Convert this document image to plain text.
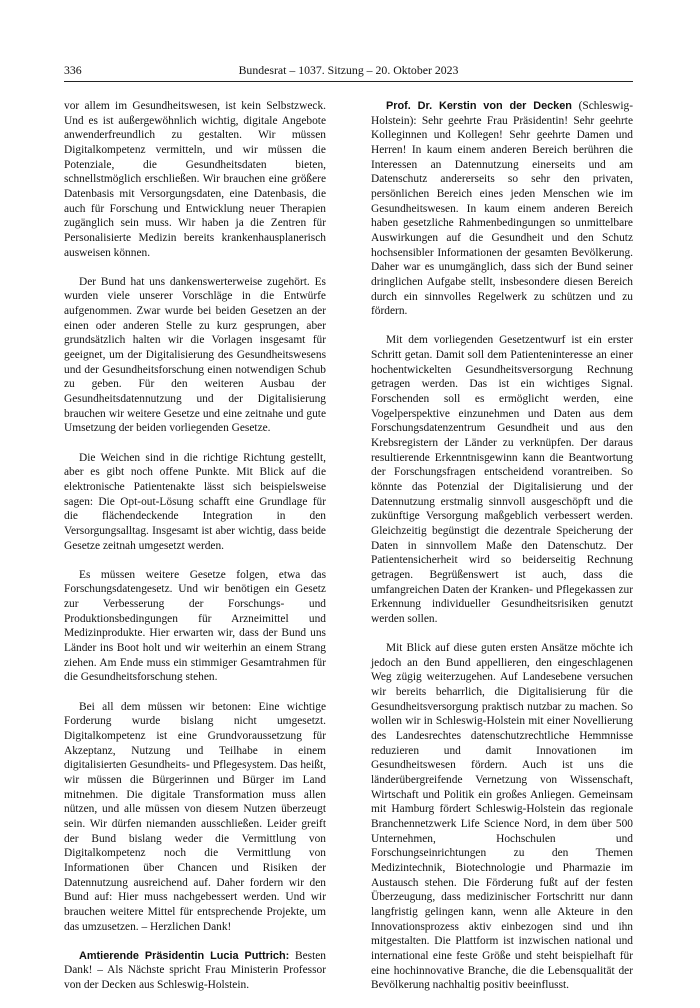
336	Bundesrat – 1037. Sitzung – 20. Oktober 2023

vor allem im Gesundheitswesen, ist kein Selbstzweck. Und es ist außergewöhnlich wichtig, digitale Angebote anwenderfreundlich zu gestalten. Wir müssen Digitalkompetenz vermitteln, und wir müssen die Potenziale, die Gesundheitsdaten bieten, schnellstmöglich erschließen. Wir brauchen eine größere Datenbasis mit Versorgungsdaten, eine Datenbasis, die auch für Forschung und Entwicklung neuer Therapien zugänglich sein muss. Wir haben ja die Zentren für Personalisierte Medizin bereits krankenhausplanerisch ausweisen können.

Der Bund hat uns dankenswerterweise zugehört. Es wurden viele unserer Vorschläge in die Entwürfe aufgenommen. Zwar wurde bei beiden Gesetzen an der einen oder anderen Stelle zu kurz gesprungen, aber grundsätzlich halten wir die Vorlagen insgesamt für geeignet, um der Digitalisierung des Gesundheitswesens und der Gesundheitsforschung einen notwendigen Schub zu geben. Für den weiteren Ausbau der Gesundheitsdatennutzung und der Digitalisierung brauchen wir weitere Gesetze und eine zeitnahe und gute Umsetzung der beiden vorliegenden Gesetze.

Die Weichen sind in die richtige Richtung gestellt, aber es gibt noch offene Punkte. Mit Blick auf die elektronische Patientenakte lässt sich beispielsweise sagen: Die Opt-out-Lösung schafft eine Grundlage für die flächendeckende Integration in den Versorgungsalltag. Insgesamt ist aber wichtig, dass beide Gesetze zeitnah umgesetzt werden.

Es müssen weitere Gesetze folgen, etwa das Forschungsdatengesetz. Und wir benötigen ein Gesetz zur Verbesserung der Forschungs- und Produktionsbedingungen für Arzneimittel und Medizinprodukte. Hier erwarten wir, dass der Bund uns Länder ins Boot holt und wir weiterhin an einem Strang ziehen. Am Ende muss ein stimmiger Gesamtrahmen für die Gesundheitsforschung stehen.

Bei all dem müssen wir betonen: Eine wichtige Forderung wurde bislang nicht umgesetzt. Digitalkompetenz ist eine Grundvoraussetzung für Akzeptanz, Nutzung und Teilhabe in einem digitalisierten Gesundheits- und Pflegesystem. Das heißt, wir müssen die Bürgerinnen und Bürger im Land mitnehmen. Die digitale Transformation muss allen nützen, und alle müssen von diesem Nutzen überzeugt sein. Wir dürfen niemanden ausschließen. Leider greift der Bund bislang weder die Vermittlung von Digitalkompetenz noch die Vermittlung von Informationen über Chancen und Risiken der Datennutzung ausreichend auf. Daher fordern wir den Bund auf: Hier muss nachgebessert werden. Und wir brauchen weitere Mittel für entsprechende Projekte, um das umzusetzen. – Herzlichen Dank!

Amtierende Präsidentin Lucia Puttrich: Besten Dank! – Als Nächste spricht Frau Ministerin Professor von der Decken aus Schleswig-Holstein.

Prof. Dr. Kerstin von der Decken (Schleswig-Holstein): Sehr geehrte Frau Präsidentin! Sehr geehrte Kolleginnen und Kollegen! Sehr geehrte Damen und Herren! In kaum einem anderen Bereich berühren die Interessen an Datennutzung einerseits und am Datenschutz andererseits so sehr den privaten, persönlichen Bereich eines jeden Menschen wie im Gesundheitswesen. In kaum einem anderen Bereich haben gesetzliche Rahmenbedingungen so unmittelbare Auswirkungen auf die Gesundheit und den Schutz hochsensibler Informationen der gesamten Bevölkerung. Daher war es unumgänglich, dass sich der Bund seiner dringlichen Aufgabe stellt, insbesondere diesen Bereich durch ein sinnvolles Regelwerk zu schützen und zu fördern.

Mit dem vorliegenden Gesetzentwurf ist ein erster Schritt getan. Damit soll dem Patienteninteresse an einer hochentwickelten Gesundheitsversorgung Rechnung getragen werden. Das ist ein wichtiges Signal. Forschenden soll es ermöglicht werden, eine Vogelperspektive einzunehmen und Daten aus dem Forschungsdatenzentrum Gesundheit und aus den Krebsregistern der Länder zu verknüpfen. Der daraus resultierende Erkenntnisgewinn kann die Beantwortung der Forschungsfragen entscheidend vorantreiben. So könnte das Potenzial der Digitalisierung und der Datennutzung erstmalig sinnvoll ausgeschöpft und die zukünftige Versorgung maßgeblich verbessert werden. Gleichzeitig begünstigt die dezentrale Speicherung der Daten in sinnvollem Maße den Datenschutz. Der Patientensicherheit wird so beiderseitig Rechnung getragen. Begrüßenswert ist auch, dass die umfangreichen Daten der Kranken- und Pflegekassen zur Erkennung individueller Gesundheitsrisiken genutzt werden sollen.

Mit Blick auf diese guten ersten Ansätze möchte ich jedoch an den Bund appellieren, den eingeschlagenen Weg zügig weiterzugehen. Auf Landesebene versuchen wir bereits beharrlich, die Digitalisierung für die Gesundheitsversorgung praktisch nutzbar zu machen. So wollen wir in Schleswig-Holstein mit einer Novellierung des Landesrechtes datenschutzrechtliche Hemmnisse reduzieren und damit Innovationen im Gesundheitswesen fördern. Auch ist uns die länderübergreifende Vernetzung von Wissenschaft, Wirtschaft und Politik ein großes Anliegen. Gemeinsam mit Hamburg fördert Schleswig-Holstein das regionale Branchennetzwerk Life Science Nord, in dem über 500 Unternehmen, Hochschulen und Forschungseinrichtungen zu den Themen Medizintechnik, Biotechnologie und Pharmazie im Austausch stehen. Die Förderung fußt auf der festen Überzeugung, dass medizinischer Fortschritt nur dann langfristig gelingen kann, wenn alle Akteure in den Innovationsprozess aktiv einbezogen sind und ihn mitgestalten. Die Plattform ist inzwischen national und international eine feste Größe und steht beispielhaft für eine hochinnovative Branche, die die Lebensqualität der Bevölkerung nachhaltig positiv beeinflusst.
